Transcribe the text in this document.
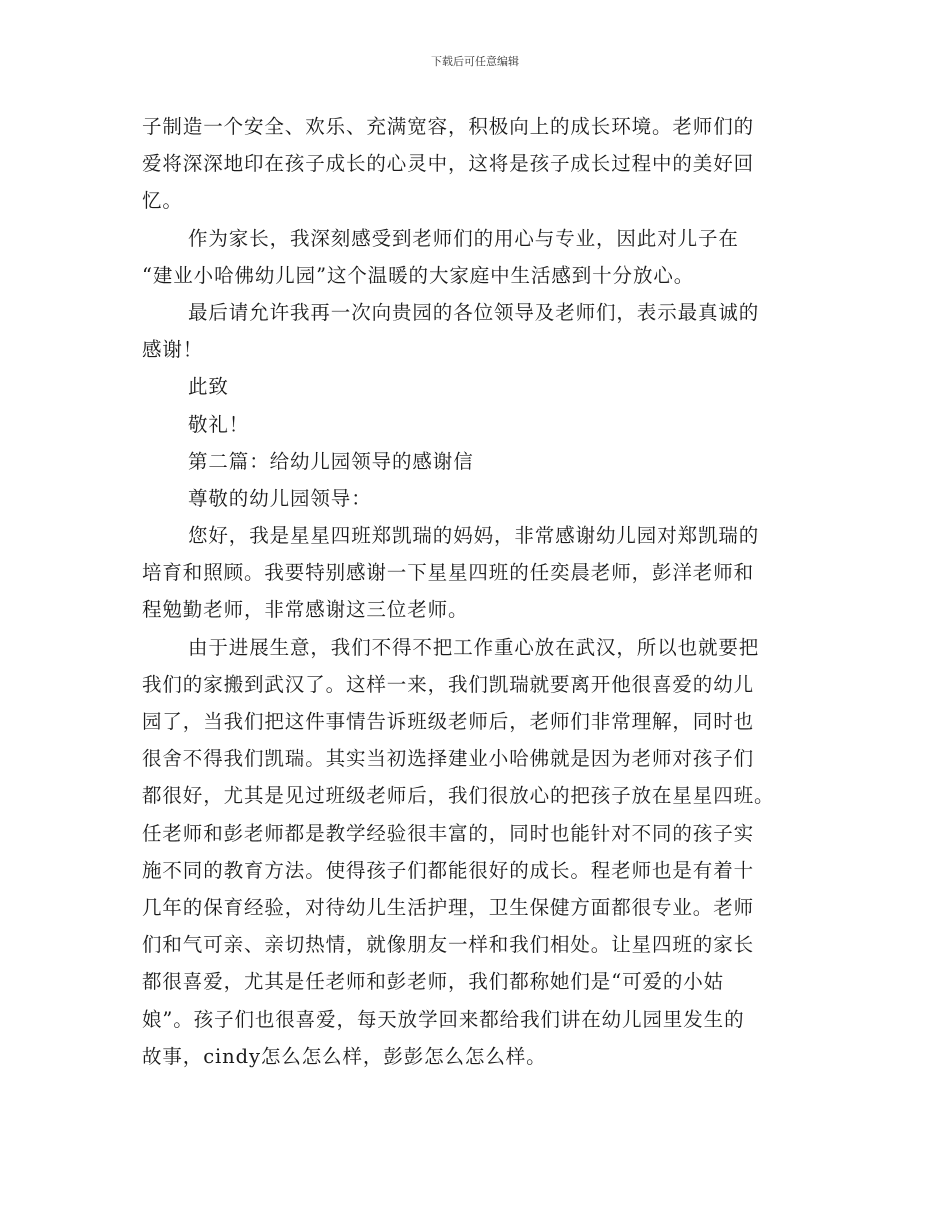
下载后可任意编辑
子制造一个安全、欢乐、充满宽容，积极向上的成长环境。老师们的
爱将深深地印在孩子成长的心灵中，这将是孩子成长过程中的美好回
忆。
作为家长，我深刻感受到老师们的用心与专业，因此对儿子在
“建业小哈佛幼儿园”这个温暖的大家庭中生活感到十分放心。
最后请允许我再一次向贵园的各位领导及老师们，表示最真诚的
感谢！
此致
敬礼！
第二篇：给幼儿园领导的感谢信
尊敬的幼儿园领导：
您好，我是星星四班郑凯瑞的妈妈，非常感谢幼儿园对郑凯瑞的
培育和照顾。我要特别感谢一下星星四班的任奕晨老师，彭洋老师和
程勉勤老师，非常感谢这三位老师。
由于进展生意，我们不得不把工作重心放在武汉，所以也就要把
我们的家搬到武汉了。这样一来，我们凯瑞就要离开他很喜爱的幼儿
园了，当我们把这件事情告诉班级老师后，老师们非常理解，同时也
很舍不得我们凯瑞。其实当初选择建业小哈佛就是因为老师对孩子们
都很好，尤其是见过班级老师后，我们很放心的把孩子放在星星四班。
任老师和彭老师都是教学经验很丰富的，同时也能针对不同的孩子实
施不同的教育方法。使得孩子们都能很好的成长。程老师也是有着十
几年的保育经验，对待幼儿生活护理，卫生保健方面都很专业。老师
们和气可亲、亲切热情，就像朋友一样和我们相处。让星四班的家长
都很喜爱，尤其是任老师和彭老师，我们都称她们是“可爱的小姑
娘”。孩子们也很喜爱，每天放学回来都给我们讲在幼儿园里发生的
故事，cindy怎么怎么样，彭彭怎么怎么样。
